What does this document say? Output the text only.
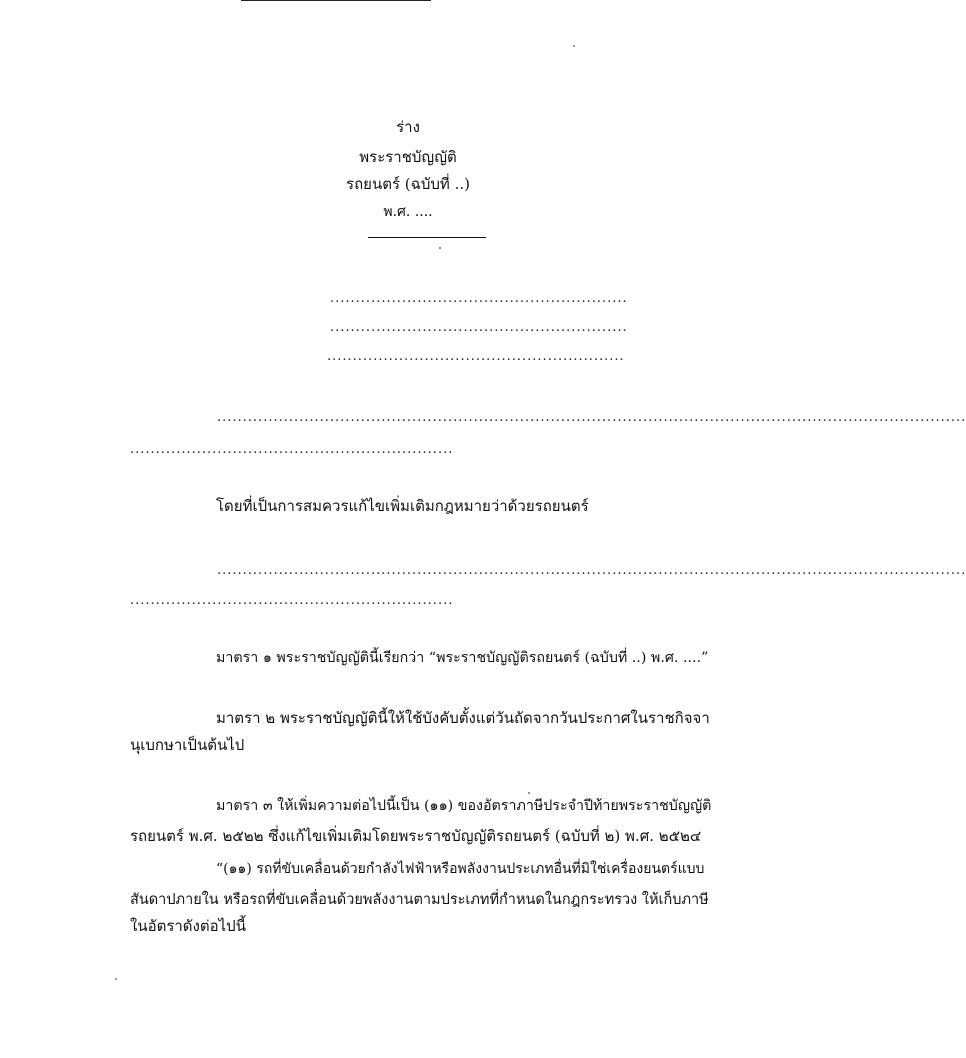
ร่าง
พระราชบัญญัติ
รถยนตร์ (ฉบับที่ ..)
พ.ศ. ....
..........................................................
..........................................................
..........................................................
..................................................................................................................................................
...............................................................
โดยที่เป็นการสมควรแก้ไขเพิ่มเติมกฎหมายว่าด้วยรถยนตร์
..................................................................................................................................................
...............................................................
มาตรา ๑ พระราชบัญญัตินี้เรียกว่า “พระราชบัญญัติรถยนตร์ (ฉบับที่ ..) พ.ศ. ....”
มาตรา ๒ พระราชบัญญัตินี้ให้ใช้บังคับตั้งแต่วันถัดจากวันประกาศในราชกิจจา
นุเบกษาเป็นต้นไป
มาตรา ๓ ให้เพิ่มความต่อไปนี้เป็น (๑๑) ของอัตราภาษีประจำปีท้ายพระราชบัญญัติ
รถยนตร์ พ.ศ. ๒๕๒๒ ซึ่งแก้ไขเพิ่มเติมโดยพระราชบัญญัติรถยนตร์ (ฉบับที่ ๒) พ.ศ. ๒๕๒๔
“(๑๑) รถที่ขับเคลื่อนด้วยกำลังไฟฟ้าหรือพลังงานประเภทอื่นที่มิใช่เครื่องยนตร์แบบ
สันดาปภายใน หรือรถที่ขับเคลื่อนด้วยพลังงานตามประเภทที่กำหนดในกฎกระทรวง ให้เก็บภาษี
ในอัตราดังต่อไปนี้
